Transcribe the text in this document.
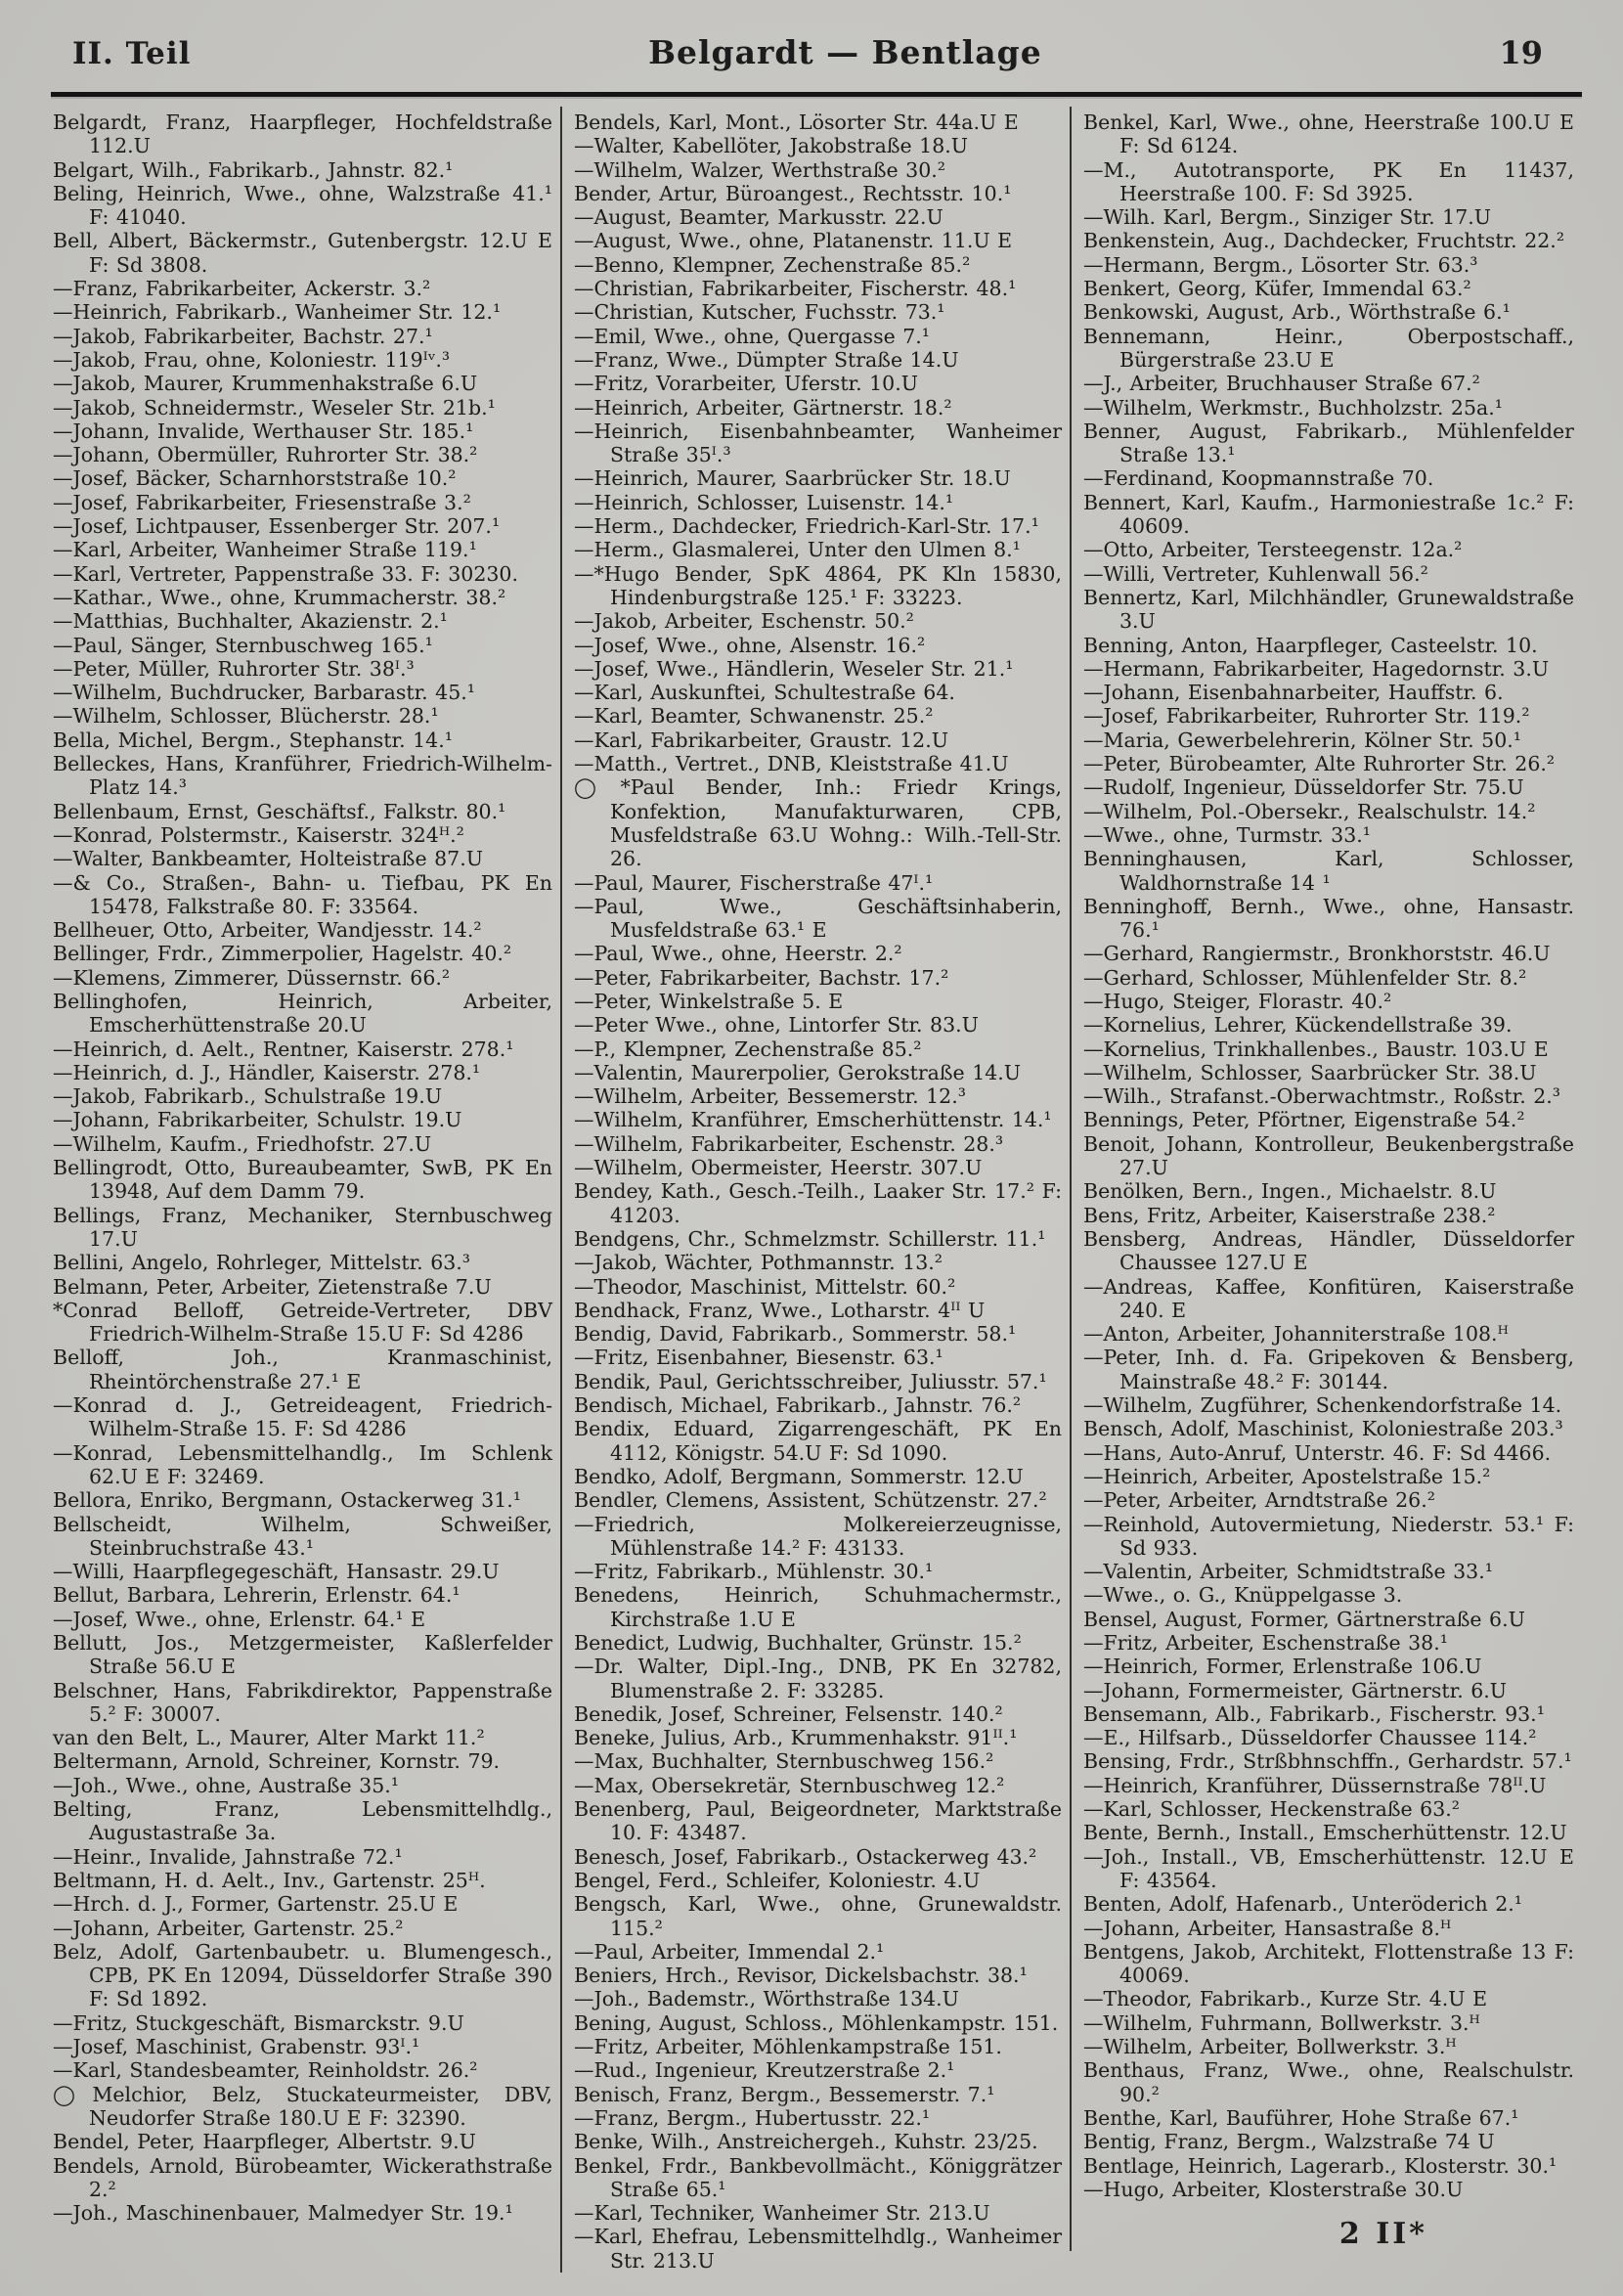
II. Teil	Belgardt — Bentlage	19
Belgardt, Franz, Haarpfleger, Hochfeldstraße 112.U
Belgart, Wilh., Fabrikarb., Jahnstr. 82.¹
Beling, Heinrich, Wwe., ohne, Walzstraße 41.¹ F: 41040.
Bell, Albert, Bäckermstr., Gutenbergstr. 12.U E F: Sd 3808.
—Franz, Fabrikarbeiter, Ackerstr. 3.²
—Heinrich, Fabrikarb., Wanheimer Str. 12.¹
—Jakob, Fabrikarbeiter, Bachstr. 27.¹
—Jakob, Frau, ohne, Koloniestr. 119ᴵᵛ.³
—Jakob, Maurer, Krummenhakstraße 6.U
—Jakob, Schneidermstr., Weseler Str. 21b.¹
—Johann, Invalide, Werthauser Str. 185.¹
—Johann, Obermüller, Ruhrorter Str. 38.²
—Josef, Bäcker, Scharnhorststraße 10.²
—Josef, Fabrikarbeiter, Friesenstraße 3.²
—Josef, Lichtpauser, Essenberger Str. 207.¹
—Karl, Arbeiter, Wanheimer Straße 119.¹
—Karl, Vertreter, Pappenstraße 33. F: 30230.
—Kathar., Wwe., ohne, Krummacherstr. 38.²
—Matthias, Buchhalter, Akazienstr. 2.¹
—Paul, Sänger, Sternbuschweg 165.¹
—Peter, Müller, Ruhrorter Str. 38ᴵ.³
—Wilhelm, Buchdrucker, Barbarastr. 45.¹
—Wilhelm, Schlosser, Blücherstr. 28.¹
Bella, Michel, Bergm., Stephanstr. 14.¹
Belleckes, Hans, Kranführer, Friedrich-Wilhelm-Platz 14.³
Bellenbaum, Ernst, Geschäftsf., Falkstr. 80.¹
—Konrad, Polstermstr., Kaiserstr. 324ᴴ.²
—Walter, Bankbeamter, Holteistraße 87.U
—& Co., Straßen-, Bahn- u. Tiefbau, PK En 15478, Falkstraße 80. F: 33564.
Bellheuer, Otto, Arbeiter, Wandjesstr. 14.²
Bellinger, Frdr., Zimmerpolier, Hagelstr. 40.²
—Klemens, Zimmerer, Düssernstr. 66.²
Bellinghofen, Heinrich, Arbeiter, Emscherhüttenstraße 20.U
—Heinrich, d. Aelt., Rentner, Kaiserstr. 278.¹
—Heinrich, d. J., Händler, Kaiserstr. 278.¹
—Jakob, Fabrikarb., Schulstraße 19.U
—Johann, Fabrikarbeiter, Schulstr. 19.U
—Wilhelm, Kaufm., Friedhofstr. 27.U
Bellingrodt, Otto, Bureaubeamter, SwB, PK En 13948, Auf dem Damm 79.
Bellings, Franz, Mechaniker, Sternbuschweg 17.U
Bellini, Angelo, Rohrleger, Mittelstr. 63.³
Belmann, Peter, Arbeiter, Zietenstraße 7.U
*Conrad Belloff, Getreide-Vertreter, DBV Friedrich-Wilhelm-Straße 15.U F: Sd 4286
Belloff, Joh., Kranmaschinist, Rheintörchenstraße 27.¹ E
—Konrad d. J., Getreideagent, Friedrich-Wilhelm-Straße 15. F: Sd 4286
—Konrad, Lebensmittelhandlg., Im Schlenk 62.U E F: 32469.
Bellora, Enriko, Bergmann, Ostackerweg 31.¹
Bellscheidt, Wilhelm, Schweißer, Steinbruchstraße 43.¹
—Willi, Haarpflegegeschäft, Hansastr. 29.U
Bellut, Barbara, Lehrerin, Erlenstr. 64.¹
—Josef, Wwe., ohne, Erlenstr. 64.¹ E
Bellutt, Jos., Metzgermeister, Kaßlerfelder Straße 56.U E
Belschner, Hans, Fabrikdirektor, Pappenstraße 5.² F: 30007.
van den Belt, L., Maurer, Alter Markt 11.²
Beltermann, Arnold, Schreiner, Kornstr. 79.
—Joh., Wwe., ohne, Austraße 35.¹
Belting, Franz, Lebensmittelhdlg., Augustastraße 3a.
—Heinr., Invalide, Jahnstraße 72.¹
Beltmann, H. d. Aelt., Inv., Gartenstr. 25ᴴ.
—Hrch. d. J., Former, Gartenstr. 25.U E
—Johann, Arbeiter, Gartenstr. 25.²
Belz, Adolf, Gartenbaubetr. u. Blumengesch., CPB, PK En 12094, Düsseldorfer Straße 390 F: Sd 1892.
—Fritz, Stuckgeschäft, Bismarckstr. 9.U
—Josef, Maschinist, Grabenstr. 93ᴵ.¹
—Karl, Standesbeamter, Reinholdstr. 26.²
◯Melchior, Belz, Stuckateurmeister, DBV, Neudorfer Straße 180.U E F: 32390.
Bendel, Peter, Haarpfleger, Albertstr. 9.U
Bendels, Arnold, Bürobeamter, Wickerathstraße 2.²
—Joh., Maschinenbauer, Malmedyer Str. 19.¹
Bendels, Karl, Mont., Lösorter Str. 44a.U E
—Walter, Kabellöter, Jakobstraße 18.U
—Wilhelm, Walzer, Werthstraße 30.²
Bender, Artur, Büroangest., Rechtsstr. 10.¹
—August, Beamter, Markusstr. 22.U
—August, Wwe., ohne, Platanenstr. 11.U E
—Benno, Klempner, Zechenstraße 85.²
—Christian, Fabrikarbeiter, Fischerstr. 48.¹
—Christian, Kutscher, Fuchsstr. 73.¹
—Emil, Wwe., ohne, Quergasse 7.¹
—Franz, Wwe., Dümpter Straße 14.U
—Fritz, Vorarbeiter, Uferstr. 10.U
—Heinrich, Arbeiter, Gärtnerstr. 18.²
—Heinrich, Eisenbahnbeamter, Wanheimer Straße 35ᴵ.³
—Heinrich, Maurer, Saarbrücker Str. 18.U
—Heinrich, Schlosser, Luisenstr. 14.¹
—Herm., Dachdecker, Friedrich-Karl-Str. 17.¹
—Herm., Glasmalerei, Unter den Ulmen 8.¹
—*Hugo Bender, SpK 4864, PK Kln 15830, Hindenburgstraße 125.¹ F: 33223.
—Jakob, Arbeiter, Eschenstr. 50.²
—Josef, Wwe., ohne, Alsenstr. 16.²
—Josef, Wwe., Händlerin, Weseler Str. 21.¹
—Karl, Auskunftei, Schultestraße 64.
—Karl, Beamter, Schwanenstr. 25.²
—Karl, Fabrikarbeiter, Graustr. 12.U
—Matth., Vertret., DNB, Kleiststraße 41.U
◯*Paul Bender, Inh.: Friedr Krings, Konfektion, Manufakturwaren, CPB, Musfeldstraße 63.U Wohng.: Wilh.-Tell-Str. 26.
—Paul, Maurer, Fischerstraße 47ᴵ.¹
—Paul, Wwe., Geschäftsinhaberin, Musfeldstraße 63.¹ E
—Paul, Wwe., ohne, Heerstr. 2.²
—Peter, Fabrikarbeiter, Bachstr. 17.²
—Peter, Winkelstraße 5. E
—Peter Wwe., ohne, Lintorfer Str. 83.U
—P., Klempner, Zechenstraße 85.²
—Valentin, Maurerpolier, Gerokstraße 14.U
—Wilhelm, Arbeiter, Bessemerstr. 12.³
—Wilhelm, Kranführer, Emscherhüttenstr. 14.¹
—Wilhelm, Fabrikarbeiter, Eschenstr. 28.³
—Wilhelm, Obermeister, Heerstr. 307.U
Bendey, Kath., Gesch.-Teilh., Laaker Str. 17.² F: 41203.
Bendgens, Chr., Schmelzmstr. Schillerstr. 11.¹
—Jakob, Wächter, Pothmannstr. 13.²
—Theodor, Maschinist, Mittelstr. 60.²
Bendhack, Franz, Wwe., Lotharstr. 4ᴵᴵ U
Bendig, David, Fabrikarb., Sommerstr. 58.¹
—Fritz, Eisenbahner, Biesenstr. 63.¹
Bendik, Paul, Gerichtsschreiber, Juliusstr. 57.¹
Bendisch, Michael, Fabrikarb., Jahnstr. 76.²
Bendix, Eduard, Zigarrengeschäft, PK En 4112, Königstr. 54.U F: Sd 1090.
Bendko, Adolf, Bergmann, Sommerstr. 12.U
Bendler, Clemens, Assistent, Schützenstr. 27.²
—Friedrich, Molkereierzeugnisse, Mühlenstraße 14.² F: 43133.
—Fritz, Fabrikarb., Mühlenstr. 30.¹
Benedens, Heinrich, Schuhmachermstr., Kirchstraße 1.U E
Benedict, Ludwig, Buchhalter, Grünstr. 15.²
—Dr. Walter, Dipl.-Ing., DNB, PK En 32782, Blumenstraße 2. F: 33285.
Benedik, Josef, Schreiner, Felsenstr. 140.²
Beneke, Julius, Arb., Krummenhakstr. 91ᴵᴵ.¹
—Max, Buchhalter, Sternbuschweg 156.²
—Max, Obersekretär, Sternbuschweg 12.²
Benenberg, Paul, Beigeordneter, Marktstraße 10. F: 43487.
Benesch, Josef, Fabrikarb., Ostackerweg 43.²
Bengel, Ferd., Schleifer, Koloniestr. 4.U
Bengsch, Karl, Wwe., ohne, Grunewaldstr. 115.²
—Paul, Arbeiter, Immendal 2.¹
Beniers, Hrch., Revisor, Dickelsbachstr. 38.¹
—Joh., Bademstr., Wörthstraße 134.U
Bening, August, Schloss., Möhlenkampstr. 151.
—Fritz, Arbeiter, Möhlenkampstraße 151.
—Rud., Ingenieur, Kreutzerstraße 2.¹
Benisch, Franz, Bergm., Bessemerstr. 7.¹
—Franz, Bergm., Hubertusstr. 22.¹
Benke, Wilh., Anstreichergeh., Kuhstr. 23/25.
Benkel, Frdr., Bankbevollmächt., Königgrätzer Straße 65.¹
—Karl, Techniker, Wanheimer Str. 213.U
—Karl, Ehefrau, Lebensmittelhdlg., Wanheimer Str. 213.U
Benkel, Karl, Wwe., ohne, Heerstraße 100.U E F: Sd 6124.
—M., Autotransporte, PK En 11437, Heerstraße 100. F: Sd 3925.
—Wilh. Karl, Bergm., Sinziger Str. 17.U
Benkenstein, Aug., Dachdecker, Fruchtstr. 22.²
—Hermann, Bergm., Lösorter Str. 63.³
Benkert, Georg, Küfer, Immendal 63.²
Benkowski, August, Arb., Wörthstraße 6.¹
Bennemann, Heinr., Oberpostschaff., Bürgerstraße 23.U E
—J., Arbeiter, Bruchhauser Straße 67.²
—Wilhelm, Werkmstr., Buchholzstr. 25a.¹
Benner, August, Fabrikarb., Mühlenfelder Straße 13.¹
—Ferdinand, Koopmannstraße 70.
Bennert, Karl, Kaufm., Harmoniestraße 1c.² F: 40609.
—Otto, Arbeiter, Tersteegenstr. 12a.²
—Willi, Vertreter, Kuhlenwall 56.²
Bennertz, Karl, Milchhändler, Grunewaldstraße 3.U
Benning, Anton, Haarpfleger, Casteelstr. 10.
—Hermann, Fabrikarbeiter, Hagedornstr. 3.U
—Johann, Eisenbahnarbeiter, Hauffstr. 6.
—Josef, Fabrikarbeiter, Ruhrorter Str. 119.²
—Maria, Gewerbelehrerin, Kölner Str. 50.¹
—Peter, Bürobeamter, Alte Ruhrorter Str. 26.²
—Rudolf, Ingenieur, Düsseldorfer Str. 75.U
—Wilhelm, Pol.-Obersekr., Realschulstr. 14.²
—Wwe., ohne, Turmstr. 33.¹
Benninghausen, Karl, Schlosser, Waldhornstraße 14 ¹
Benninghoff, Bernh., Wwe., ohne, Hansastr. 76.¹
—Gerhard, Rangiermstr., Bronkhorststr. 46.U
—Gerhard, Schlosser, Mühlenfelder Str. 8.²
—Hugo, Steiger, Florastr. 40.²
—Kornelius, Lehrer, Kückendellstraße 39.
—Kornelius, Trinkhallenbes., Baustr. 103.U E
—Wilhelm, Schlosser, Saarbrücker Str. 38.U
—Wilh., Strafanst.-Oberwachtmstr., Roßstr. 2.³
Bennings, Peter, Pförtner, Eigenstraße 54.²
Benoit, Johann, Kontrolleur, Beukenbergstraße 27.U
Benölken, Bern., Ingen., Michaelstr. 8.U
Bens, Fritz, Arbeiter, Kaiserstraße 238.²
Bensberg, Andreas, Händler, Düsseldorfer Chaussee 127.U E
—Andreas, Kaffee, Konfitüren, Kaiserstraße 240. E
—Anton, Arbeiter, Johanniterstraße 108.ᴴ
—Peter, Inh. d. Fa. Gripekoven & Bensberg, Mainstraße 48.² F: 30144.
—Wilhelm, Zugführer, Schenkendorfstraße 14.
Bensch, Adolf, Maschinist, Koloniestraße 203.³
—Hans, Auto-Anruf, Unterstr. 46. F: Sd 4466.
—Heinrich, Arbeiter, Apostelstraße 15.²
—Peter, Arbeiter, Arndtstraße 26.²
—Reinhold, Autovermietung, Niederstr. 53.¹ F: Sd 933.
—Valentin, Arbeiter, Schmidtstraße 33.¹
—Wwe., o. G., Knüppelgasse 3.
Bensel, August, Former, Gärtnerstraße 6.U
—Fritz, Arbeiter, Eschenstraße 38.¹
—Heinrich, Former, Erlenstraße 106.U
—Johann, Formermeister, Gärtnerstr. 6.U
Bensemann, Alb., Fabrikarb., Fischerstr. 93.¹
—E., Hilfsarb., Düsseldorfer Chaussee 114.²
Bensing, Frdr., Strßbhnschffn., Gerhardstr. 57.¹
—Heinrich, Kranführer, Düssernstraße 78ᴵᴵ.U
—Karl, Schlosser, Heckenstraße 63.²
Bente, Bernh., Install., Emscherhüttenstr. 12.U
—Joh., Install., VB, Emscherhüttenstr. 12.U E F: 43564.
Benten, Adolf, Hafenarb., Unteröderich 2.¹
—Johann, Arbeiter, Hansastraße 8.ᴴ
Bentgens, Jakob, Architekt, Flottenstraße 13 F: 40069.
—Theodor, Fabrikarb., Kurze Str. 4.U E
—Wilhelm, Fuhrmann, Bollwerkstr. 3.ᴴ
—Wilhelm, Arbeiter, Bollwerkstr. 3.ᴴ
Benthaus, Franz, Wwe., ohne, Realschulstr. 90.²
Benthe, Karl, Bauführer, Hohe Straße 67.¹
Bentig, Franz, Bergm., Walzstraße 74 U
Bentlage, Heinrich, Lagerarb., Klosterstr. 30.¹
—Hugo, Arbeiter, Klosterstraße 30.U
2 II*
